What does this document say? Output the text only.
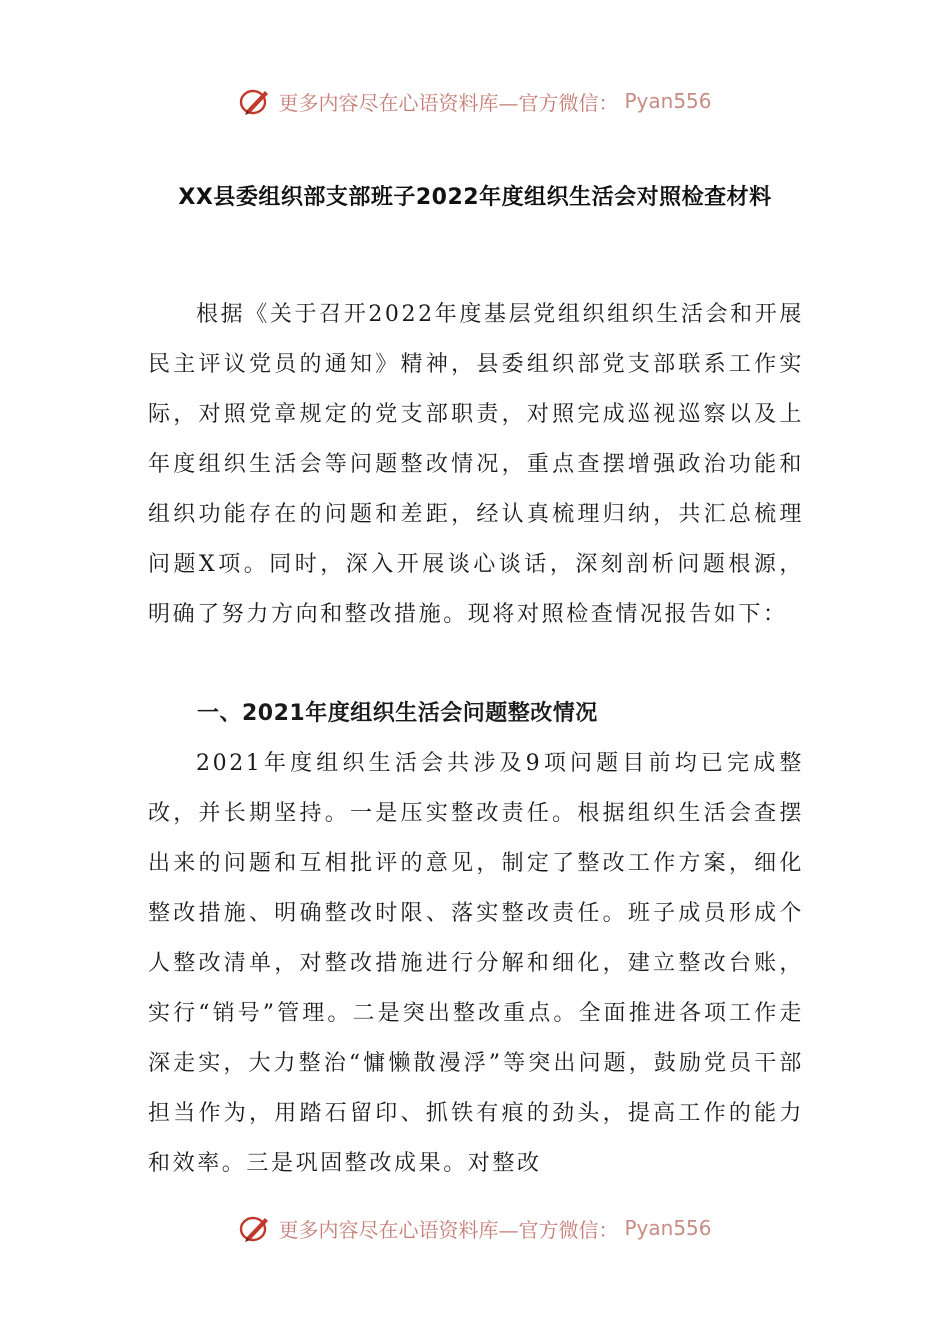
更多内容尽在心语资料库—官方微信： Pyan556
XX县委组织部支部班子2022年度组织生活会对照检查材料

根据《关于召开2022年度基层党组织组织生活会和开展民主评议党员的通知》精神，县委组织部党支部联系工作实际，对照党章规定的党支部职责，对照完成巡视巡察以及上年度组织生活会等问题整改情况，重点查摆增强政治功能和组织功能存在的问题和差距，经认真梳理归纳，共汇总梳理问题X项。同时，深入开展谈心谈话，深刻剖析问题根源，明确了努力方向和整改措施。现将对照检查情况报告如下：

一、2021年度组织生活会问题整改情况

2021年度组织生活会共涉及9项问题目前均已完成整改，并长期坚持。一是压实整改责任。根据组织生活会查摆出来的问题和互相批评的意见，制定了整改工作方案，细化整改措施、明确整改时限、落实整改责任。班子成员形成个人整改清单，对整改措施进行分解和细化，建立整改台账，实行“销号”管理。二是突出整改重点。全面推进各项工作走深走实，大力整治“慵懒散漫浮”等突出问题，鼓励党员干部担当作为，用踏石留印、抓铁有痕的劲头，提高工作的能力和效率。三是巩固整改成果。对整改

更多内容尽在心语资料库—官方微信： Pyan556
